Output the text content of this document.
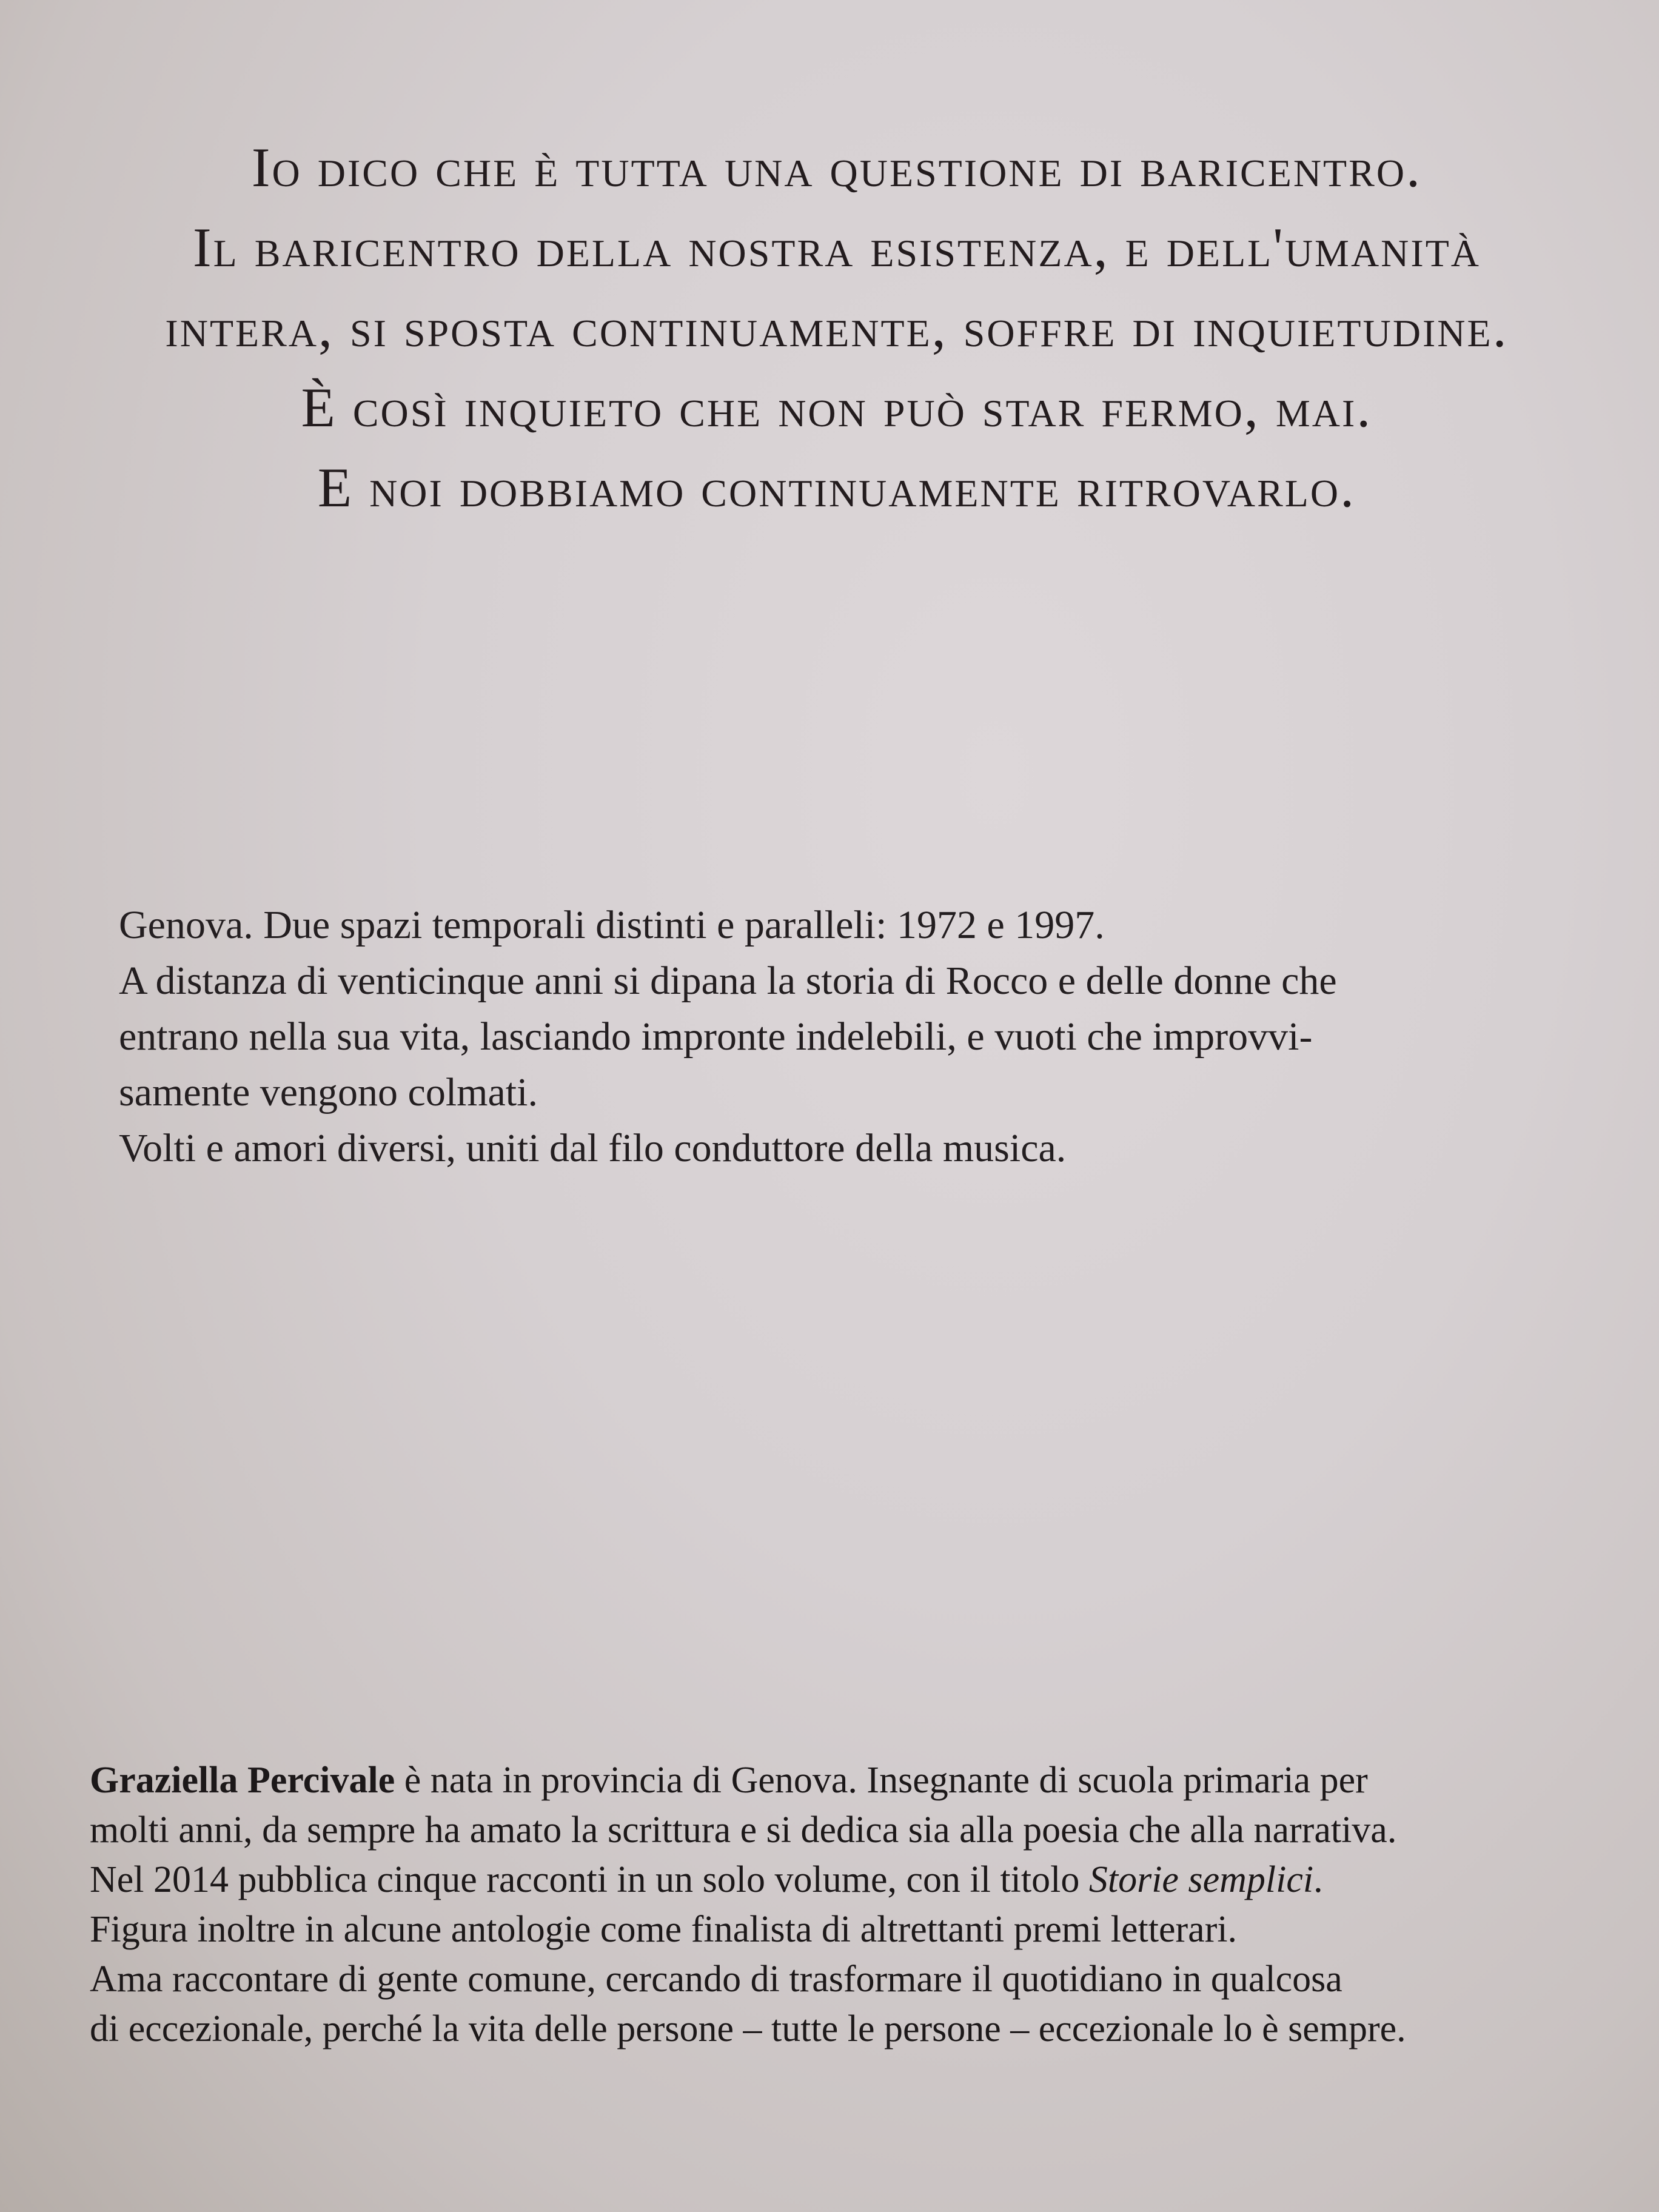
Io dico che è tutta una questione di baricentro.
Il baricentro della nostra esistenza, e dell'umanità
intera, si sposta continuamente, soffre di inquietudine.
È così inquieto che non può star fermo, mai.
E noi dobbiamo continuamente ritrovarlo.
Genova. Due spazi temporali distinti e paralleli: 1972 e 1997.
A distanza di venticinque anni si dipana la storia di Rocco e delle donne che
entrano nella sua vita, lasciando impronte indelebili, e vuoti che improvvi-
samente vengono colmati.
Volti e amori diversi, uniti dal filo conduttore della musica.
Graziella Percivale è nata in provincia di Genova. Insegnante di scuola primaria per
molti anni, da sempre ha amato la scrittura e si dedica sia alla poesia che alla narrativa.
Nel 2014 pubblica cinque racconti in un solo volume, con il titolo Storie semplici.
Figura inoltre in alcune antologie come finalista di altrettanti premi letterari.
Ama raccontare di gente comune, cercando di trasformare il quotidiano in qualcosa
di eccezionale, perché la vita delle persone – tutte le persone – eccezionale lo è sempre.
